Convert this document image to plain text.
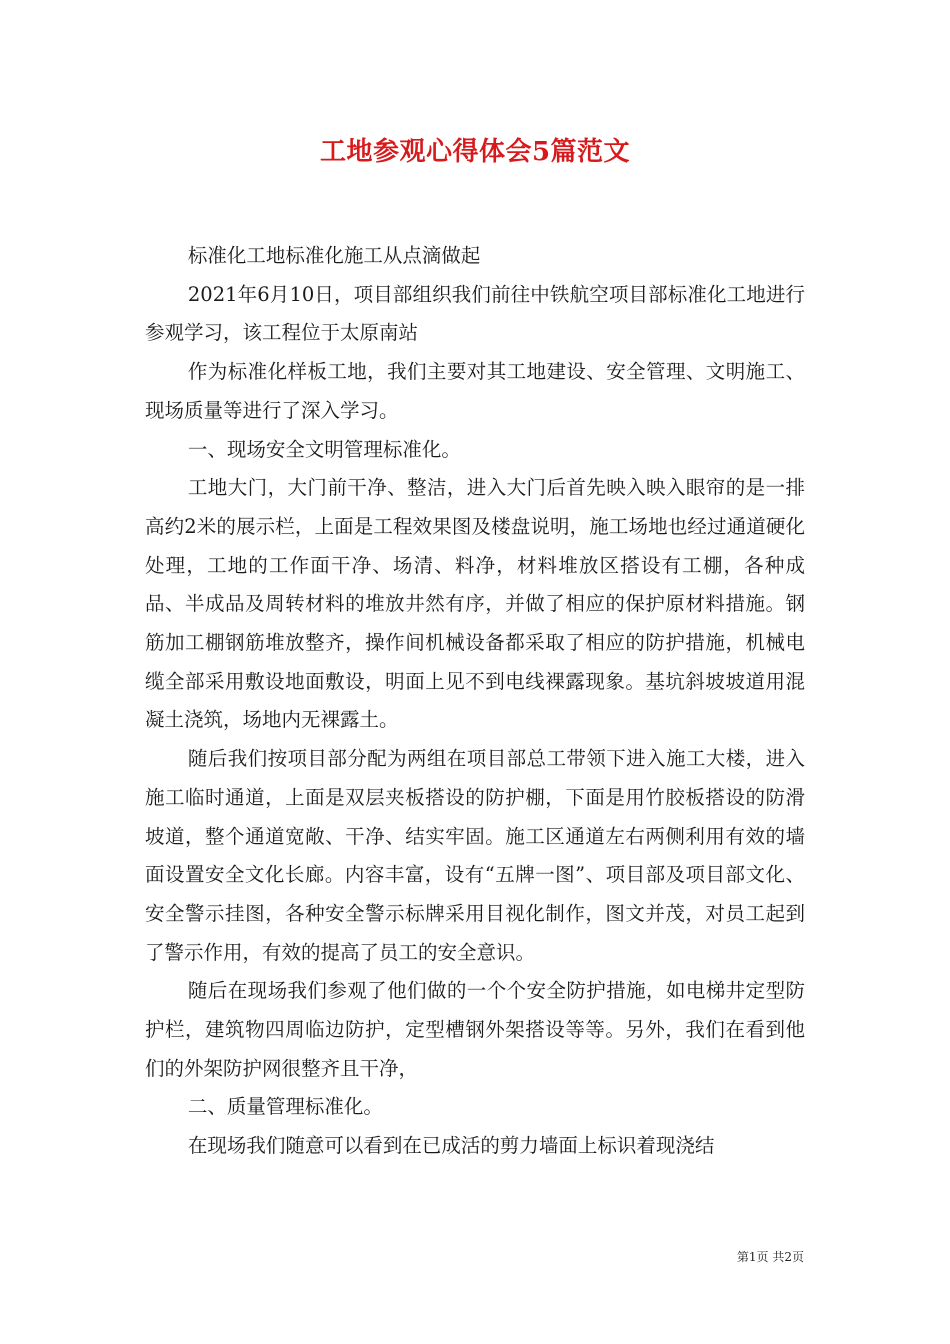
工地参观心得体会5篇范文

标准化工地标准化施工从点滴做起

2021年6月10日，项目部组织我们前往中铁航空项目部标准化工地进行参观学习，该工程位于太原南站

作为标准化样板工地，我们主要对其工地建设、安全管理、文明施工、现场质量等进行了深入学习。

一、现场安全文明管理标准化。

工地大门，大门前干净、整洁，进入大门后首先映入映入眼帘的是一排高约2米的展示栏，上面是工程效果图及楼盘说明，施工场地也经过通道硬化处理，工地的工作面干净、场清、料净，材料堆放区搭设有工棚，各种成品、半成品及周转材料的堆放井然有序，并做了相应的保护原材料措施。钢筋加工棚钢筋堆放整齐，操作间机械设备都采取了相应的防护措施，机械电缆全部采用敷设地面敷设，明面上见不到电线裸露现象。基坑斜坡坡道用混凝土浇筑，场地内无裸露土。

随后我们按项目部分配为两组在项目部总工带领下进入施工大楼，进入施工临时通道，上面是双层夹板搭设的防护棚，下面是用竹胶板搭设的防滑坡道，整个通道宽敞、干净、结实牢固。施工区通道左右两侧利用有效的墙面设置安全文化长廊。内容丰富，设有“五牌一图”、项目部及项目部文化、安全警示挂图，各种安全警示标牌采用目视化制作，图文并茂，对员工起到了警示作用，有效的提高了员工的安全意识。

随后在现场我们参观了他们做的一个个安全防护措施，如电梯井定型防护栏，建筑物四周临边防护，定型槽钢外架搭设等等。另外，我们在看到他们的外架防护网很整齐且干净，

二、质量管理标准化。

在现场我们随意可以看到在已成活的剪力墙面上标识着现浇结

第1页 共2页
